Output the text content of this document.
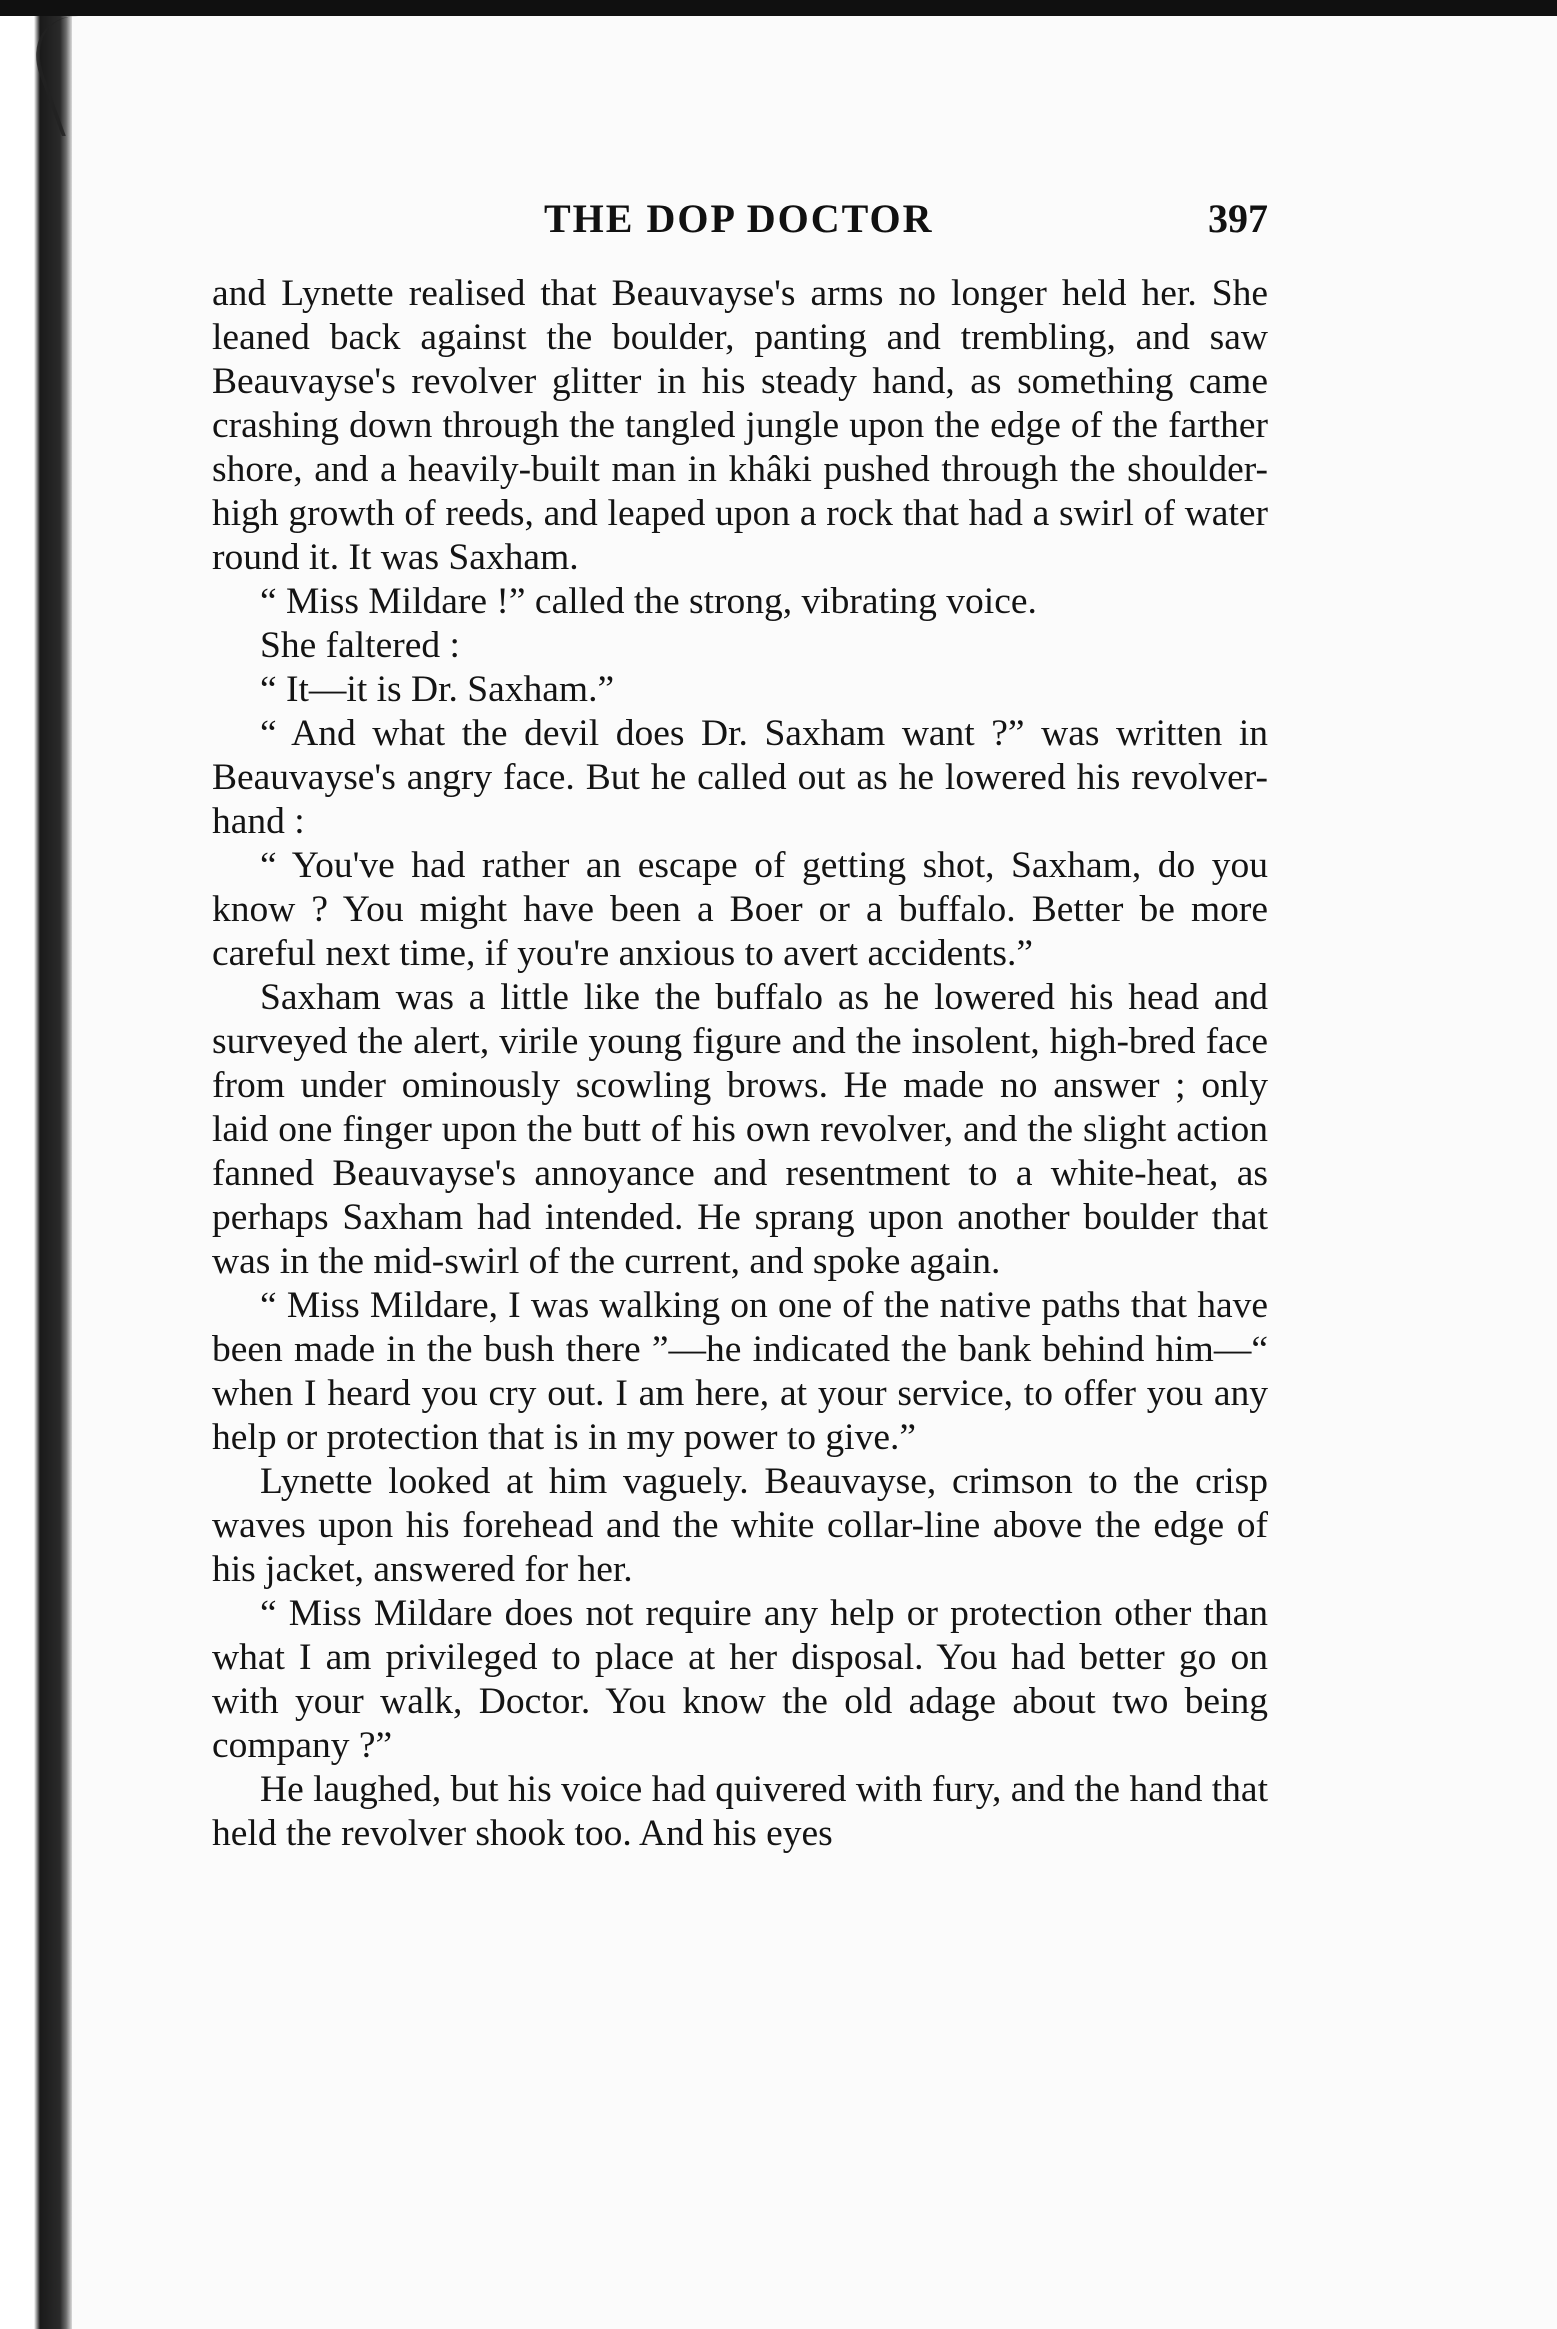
THE DOP DOCTOR	397

and Lynette realised that Beauvayse's arms no longer held her. She leaned back against the boulder, panting and trembling, and saw Beauvayse's revolver glitter in his steady hand, as something came crashing down through the tangled jungle upon the edge of the farther shore, and a heavily-built man in khâki pushed through the shoulder-high growth of reeds, and leaped upon a rock that had a swirl of water round it. It was Saxham.

“ Miss Mildare !” called the strong, vibrating voice.

She faltered :

“ It—it is Dr. Saxham.”

“ And what the devil does Dr. Saxham want ?” was written in Beauvayse's angry face. But he called out as he lowered his revolver-hand :

“ You've had rather an escape of getting shot, Saxham, do you know ? You might have been a Boer or a buffalo. Better be more careful next time, if you're anxious to avert accidents.”

Saxham was a little like the buffalo as he lowered his head and surveyed the alert, virile young figure and the insolent, high-bred face from under ominously scowling brows. He made no answer ; only laid one finger upon the butt of his own revolver, and the slight action fanned Beauvayse's annoyance and resentment to a white-heat, as perhaps Saxham had intended. He sprang upon another boulder that was in the mid-swirl of the current, and spoke again.

“ Miss Mildare, I was walking on one of the native paths that have been made in the bush there ”—he indicated the bank behind him—“ when I heard you cry out. I am here, at your service, to offer you any help or protection that is in my power to give.”

Lynette looked at him vaguely. Beauvayse, crimson to the crisp waves upon his forehead and the white collar-line above the edge of his jacket, answered for her.

“ Miss Mildare does not require any help or protection other than what I am privileged to place at her disposal. You had better go on with your walk, Doctor. You know the old adage about two being company ?”

He laughed, but his voice had quivered with fury, and the hand that held the revolver shook too. And his eyes
